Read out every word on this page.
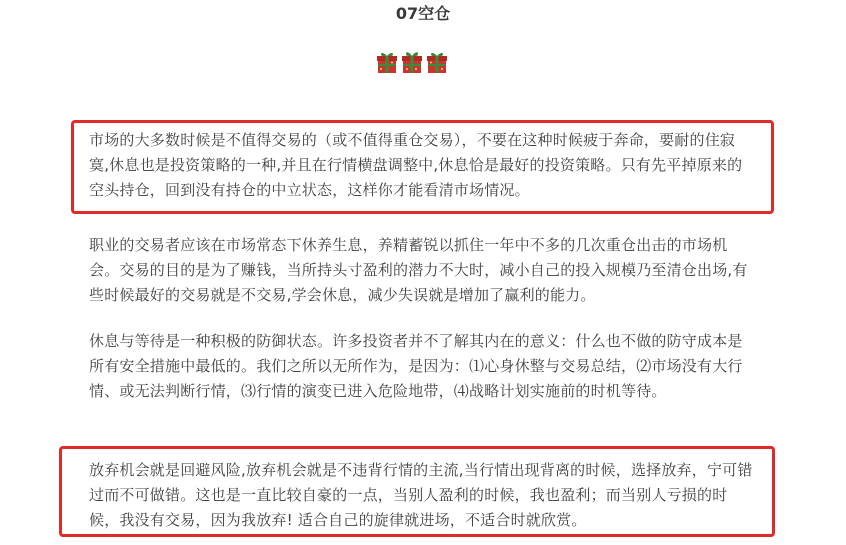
07空仓

市场的大多数时候是不值得交易的（或不值得重仓交易），不要在这种时候疲于奔命，要耐的住寂寞,休息也是投资策略的一种,并且在行情横盘调整中,休息恰是最好的投资策略。只有先平掉原来的空头持仓，回到没有持仓的中立状态，这样你才能看清市场情况。

职业的交易者应该在市场常态下休养生息，养精蓄锐以抓住一年中不多的几次重仓出击的市场机会。交易的目的是为了赚钱，当所持头寸盈利的潜力不大时，减小自己的投入规模乃至清仓出场,有些时候最好的交易就是不交易,学会休息，减少失误就是增加了赢利的能力。

休息与等待是一种积极的防御状态。许多投资者并不了解其内在的意义：什么也不做的防守成本是所有安全措施中最低的。我们之所以无所作为，是因为：⑴心身休整与交易总结，⑵市场没有大行情、或无法判断行情，⑶行情的演变已进入危险地带，⑷战略计划实施前的时机等待。

放弃机会就是回避风险,放弃机会就是不违背行情的主流,当行情出现背离的时候，选择放弃，宁可错过而不可做错。这也是一直比较自豪的一点，当别人盈利的时候，我也盈利；而当别人亏损的时候，我没有交易，因为我放弃! 适合自己的旋律就进场，不适合时就欣赏。
